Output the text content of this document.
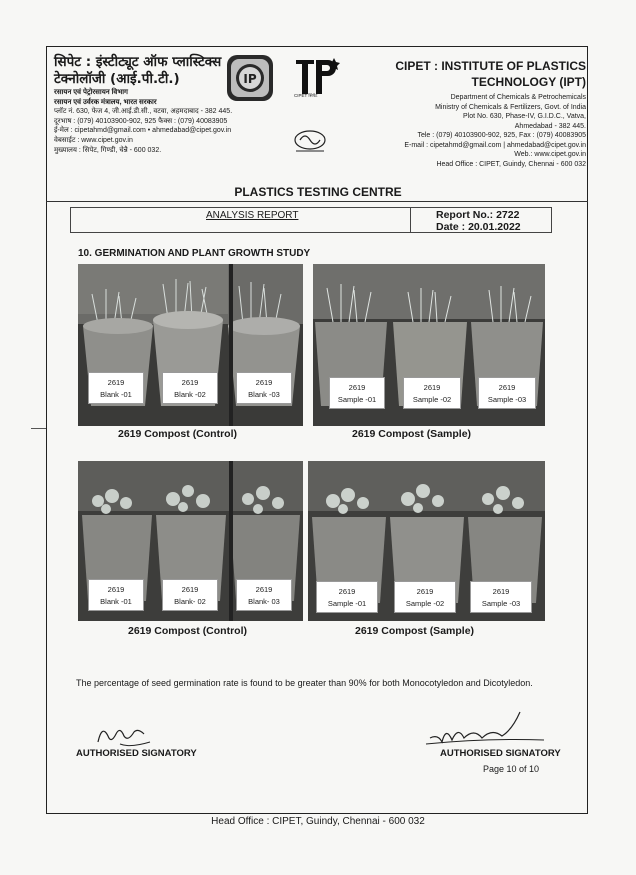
सिपेट : इंस्टीट्यूट ऑफ प्लास्टिक्स
टेक्नोलॉजी (आई.पी.टी.)
रसायन एवं पेट्रोरसायन विभाग
रसायन एवं उर्वरक मंत्रालय, भारत सरकार
प्लॉट नं. 630, फेज 4, जी.आई.डी.सी., वटवा, अहमदाबाद - 382 445.
दूरभाष : (079) 40103900-902, 925 फैक्स : (079) 40083905
ई-मेल : cipetahmd@gmail.com • ahmedabad@cipet.gov.in
वेबसाईट : www.cipet.gov.in
मुख्यालय : सिपेट, गिण्डी, चेन्नै - 600 032.
IP
CIPET सिपेट
CIPET : INSTITUTE OF PLASTICS
TECHNOLOGY (IPT)
Department of Chemicals & Petrochemicals
Ministry of Chemicals & Fertilizers, Govt. of India
Plot No. 630, Phase-IV, G.I.D.C., Vatva,
Ahmedabad - 382 445.
Tele : (079) 40103900-902, 925, Fax : (079) 40083905
E-mail : cipetahmd@gmail.com | ahmedabad@cipet.gov.in
Web.: www.cipet.gov.in
Head Office : CIPET, Guindy, Chennai - 600 032
PLASTICS TESTING CENTRE
ANALYSIS REPORT	Report No.: 2722
Date : 20.01.2022
10. GERMINATION AND PLANT GROWTH STUDY
2619
Blank -01
2619
Blank -02
2619
Blank -03
2619
Sample -01
2619
Sample -02
2619
Sample -03
2619 Compost (Control)	2619 Compost (Sample)
2619
Blank -01
2619
Blank- 02
2619
Blank- 03
2619
Sample -01
2619
Sample -02
2619
Sample -03
2619 Compost (Control)	2619 Compost (Sample)
The percentage of seed germination rate is found to be greater than 90% for both Monocotyledon and Dicotyledon.
AUTHORISED SIGNATORY	AUTHORISED SIGNATORY
Page 10 of 10
Head Office : CIPET, Guindy, Chennai - 600 032
